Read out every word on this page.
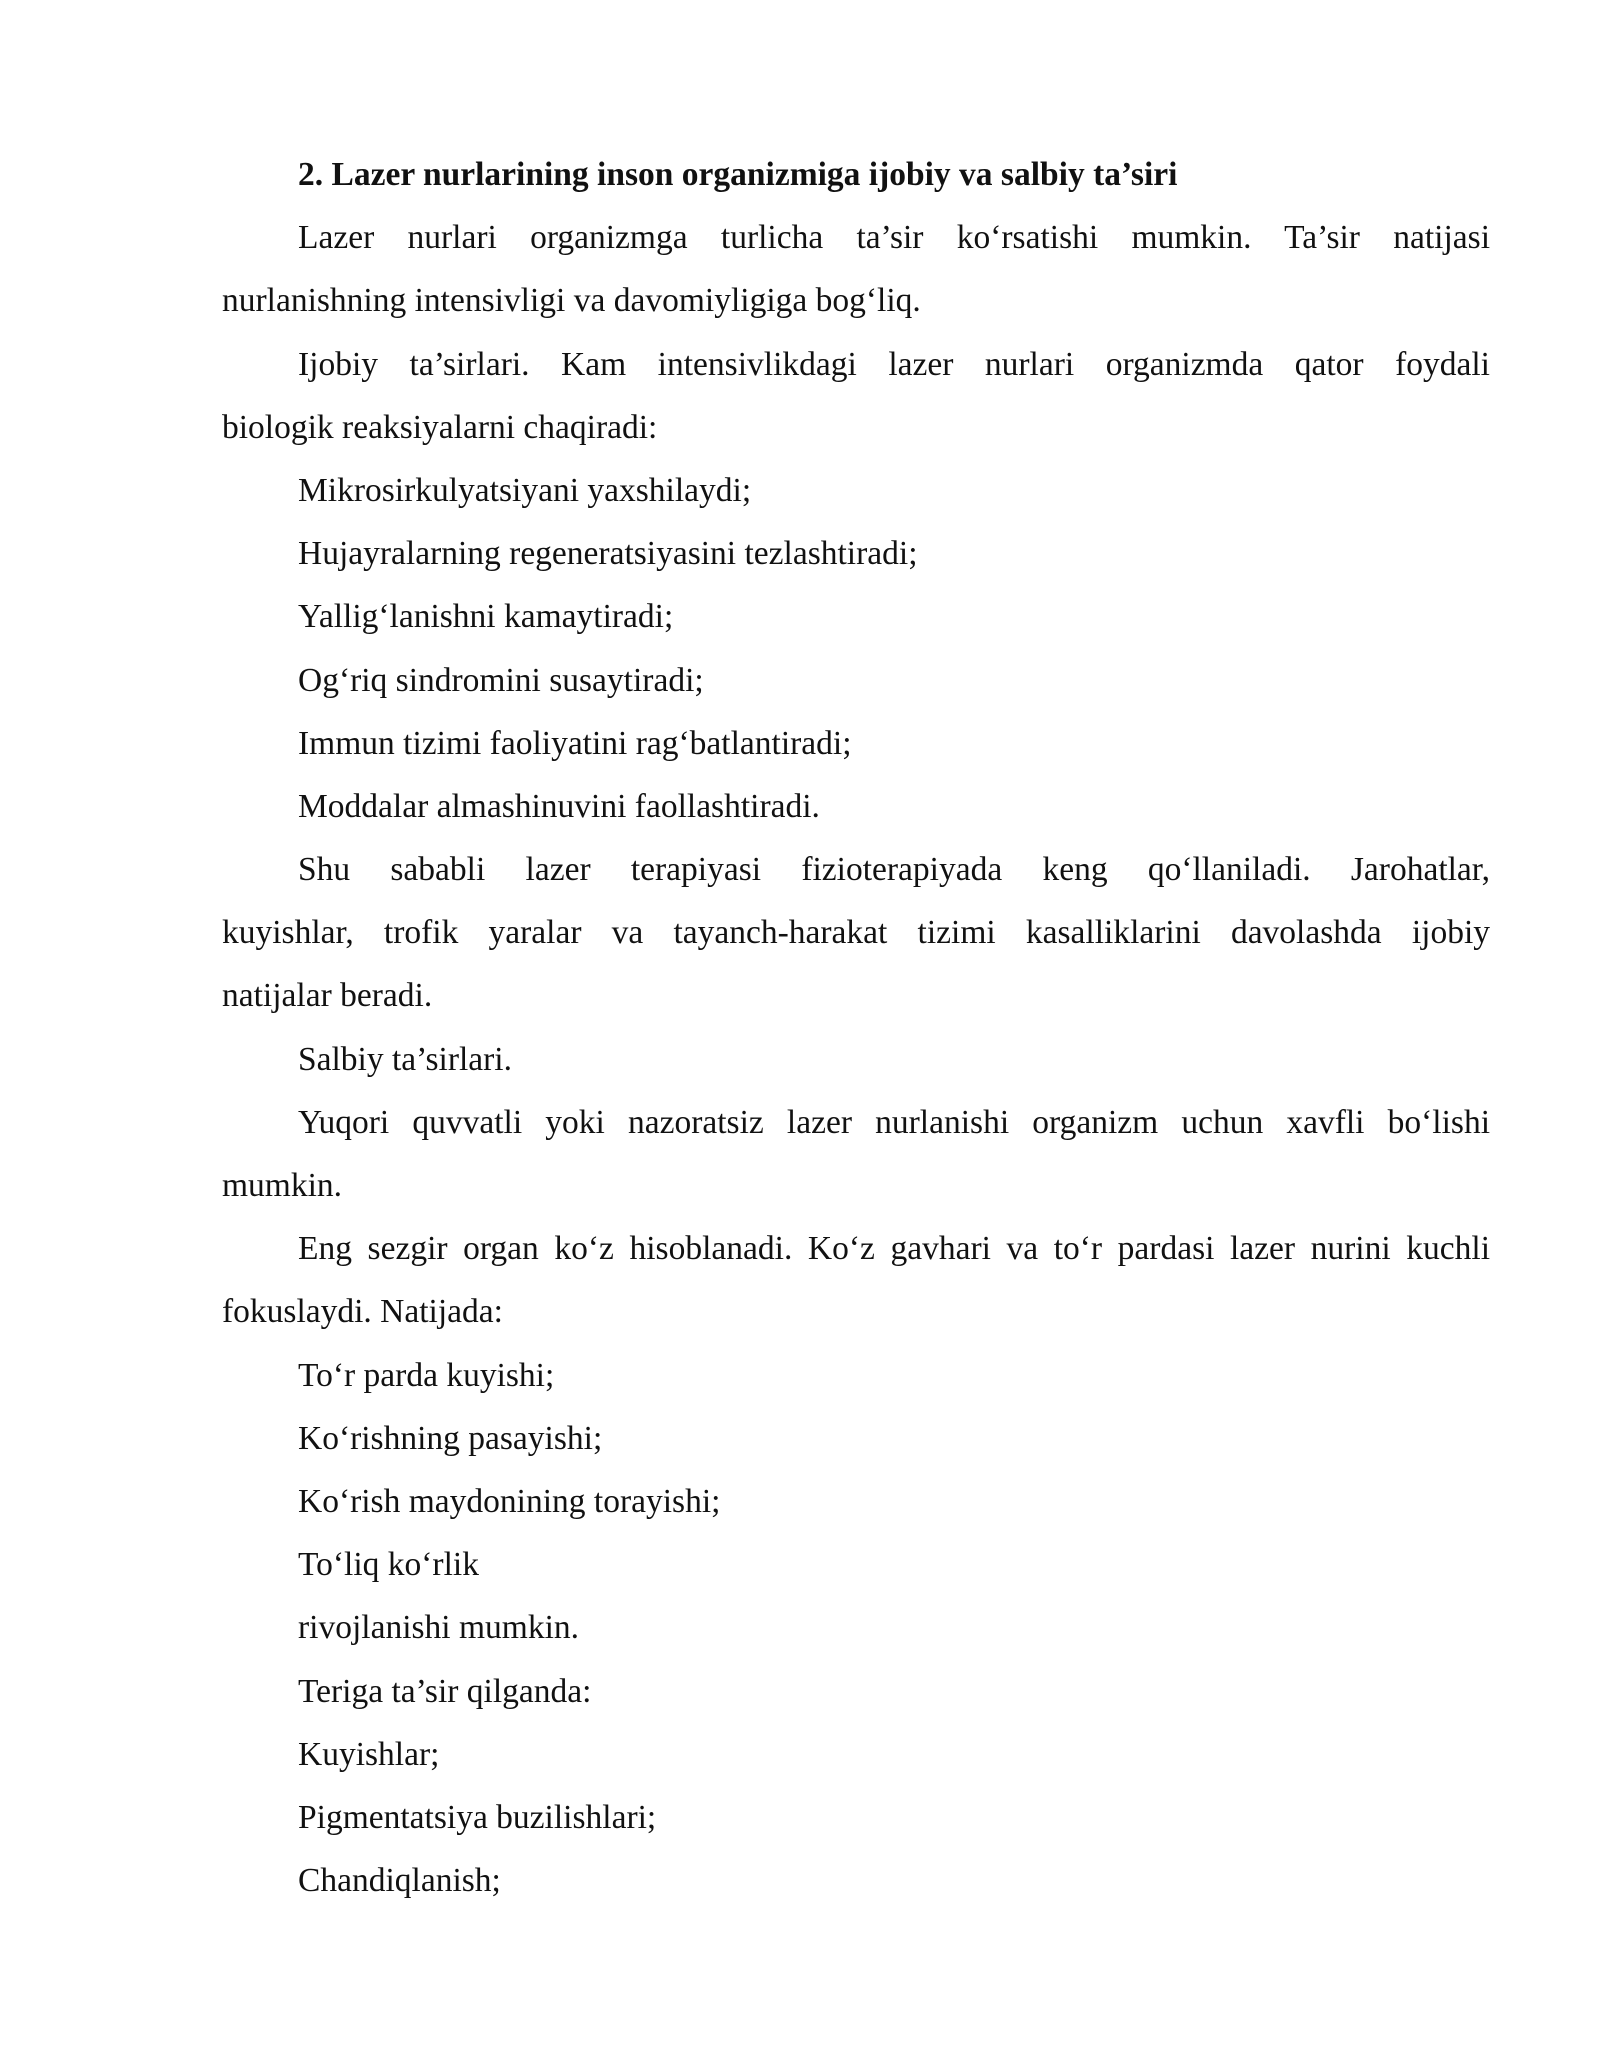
2. Lazer nurlarining inson organizmiga ijobiy va salbiy ta’siri
Lazer nurlari organizmga turlicha ta’sir ko‘rsatishi mumkin. Ta’sir natijasi
nurlanishning intensivligi va davomiyligiga bog‘liq.
Ijobiy ta’sirlari. Kam intensivlikdagi lazer nurlari organizmda qator foydali
biologik reaksiyalarni chaqiradi:
Mikrosirkulyatsiyani yaxshilaydi;
Hujayralarning regeneratsiyasini tezlashtiradi;
Yallig‘lanishni kamaytiradi;
Og‘riq sindromini susaytiradi;
Immun tizimi faoliyatini rag‘batlantiradi;
Moddalar almashinuvini faollashtiradi.
Shu sababli lazer terapiyasi fizioterapiyada keng qo‘llaniladi. Jarohatlar,
kuyishlar, trofik yaralar va tayanch-harakat tizimi kasalliklarini davolashda ijobiy
natijalar beradi.
Salbiy ta’sirlari.
Yuqori quvvatli yoki nazoratsiz lazer nurlanishi organizm uchun xavfli bo‘lishi
mumkin.
Eng sezgir organ ko‘z hisoblanadi. Ko‘z gavhari va to‘r pardasi lazer nurini kuchli
fokuslaydi. Natijada:
To‘r parda kuyishi;
Ko‘rishning pasayishi;
Ko‘rish maydonining torayishi;
To‘liq ko‘rlik
rivojlanishi mumkin.
Teriga ta’sir qilganda:
Kuyishlar;
Pigmentatsiya buzilishlari;
Chandiqlanish;
